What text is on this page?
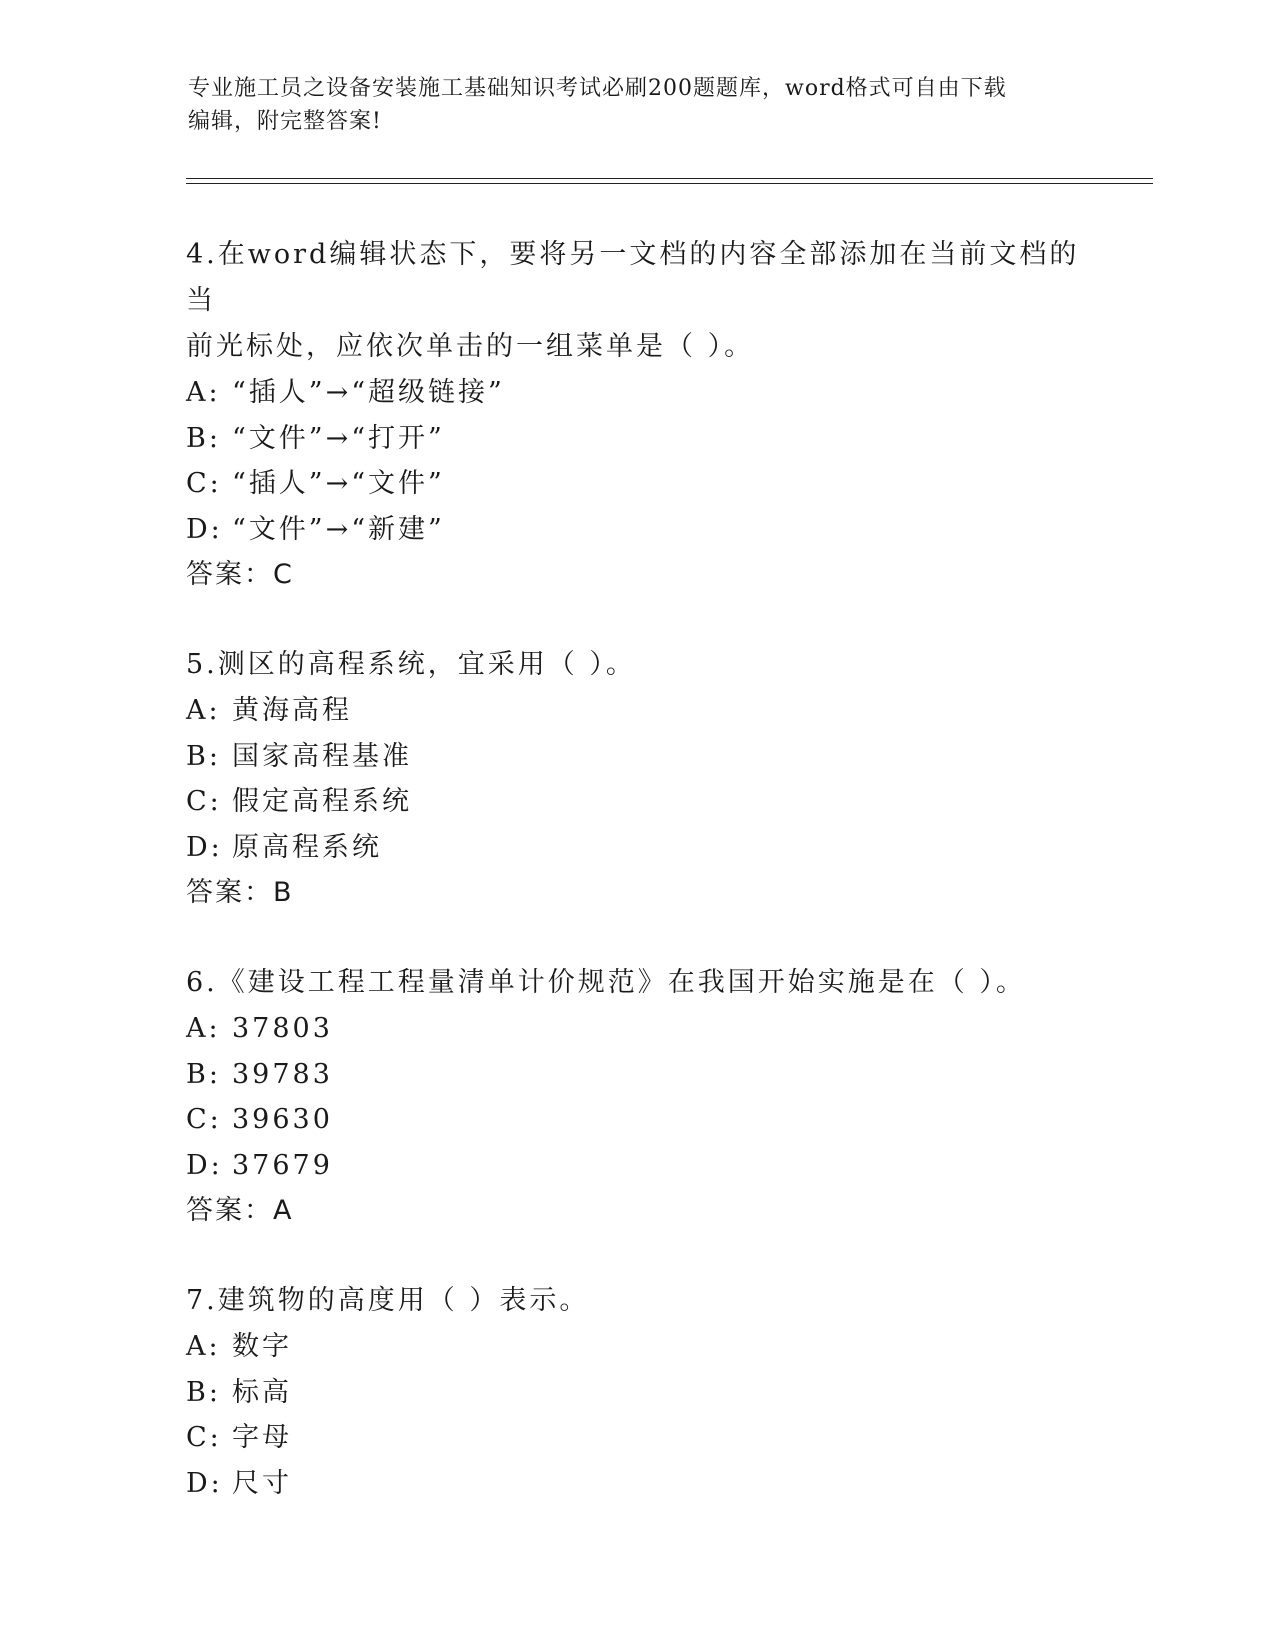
专业施工员之设备安装施工基础知识考试必刷200题题库，word格式可自由下载
编辑，附完整答案!
4.在word编辑状态下，要将另一文档的内容全部添加在当前文档的当
前光标处，应依次单击的一组菜单是（ ）。
A: “插人”→“超级链接”
B: “文件”→“打开”
C: “插人”→“文件”
D: “文件”→“新建”
答案：C
5.测区的高程系统，宜采用（ ）。
A: 黄海高程
B: 国家高程基准
C: 假定高程系统
D: 原高程系统
答案：B
6.《建设工程工程量清单计价规范》在我国开始实施是在（ ）。
A: 37803
B: 39783
C: 39630
D: 37679
答案：A
7.建筑物的高度用（ ）表示。
A: 数字
B: 标高
C: 字母
D: 尺寸
